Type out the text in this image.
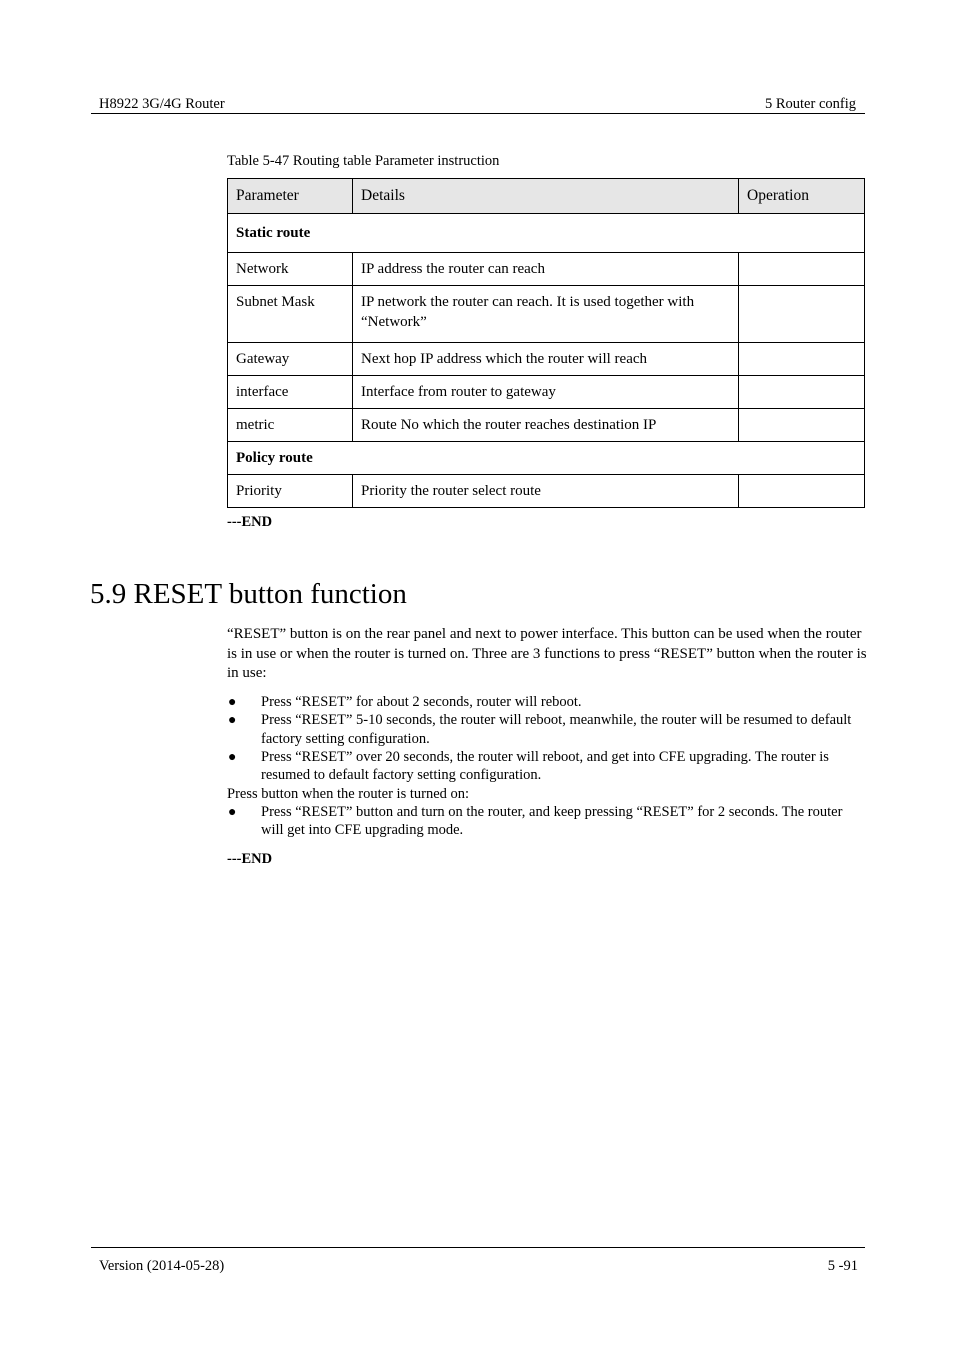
H8922 3G/4G Router	5 Router config
Table 5-47 Routing table Parameter instruction
Parameter	Details	Operation
Static route		
Network	IP address the router can reach	
Subnet Mask	IP network the router can reach. It is used together with “Network”	
Gateway	Next hop IP address which the router will reach	
interface	Interface from router to gateway	
metric	Route No which the router reaches destination IP	
Policy route		
Priority	Priority the router select route	
---END
5.9 RESET button function

“RESET” button is on the rear panel and next to power interface. This button can be used when the router is in use or when the router is turned on. Three are 3 functions to press “RESET” button when the router is in use:

● Press “RESET” for about 2 seconds, router will reboot.
● Press “RESET” 5-10 seconds, the router will reboot, meanwhile, the router will be resumed to default factory setting configuration.
● Press “RESET” over 20 seconds, the router will reboot, and get into CFE upgrading. The router is resumed to default factory setting configuration.
Press button when the router is turned on:
● Press “RESET” button and turn on the router, and keep pressing “RESET” for 2 seconds. The router will get into CFE upgrading mode.
---END
Version (2014-05-28)	5 -91
